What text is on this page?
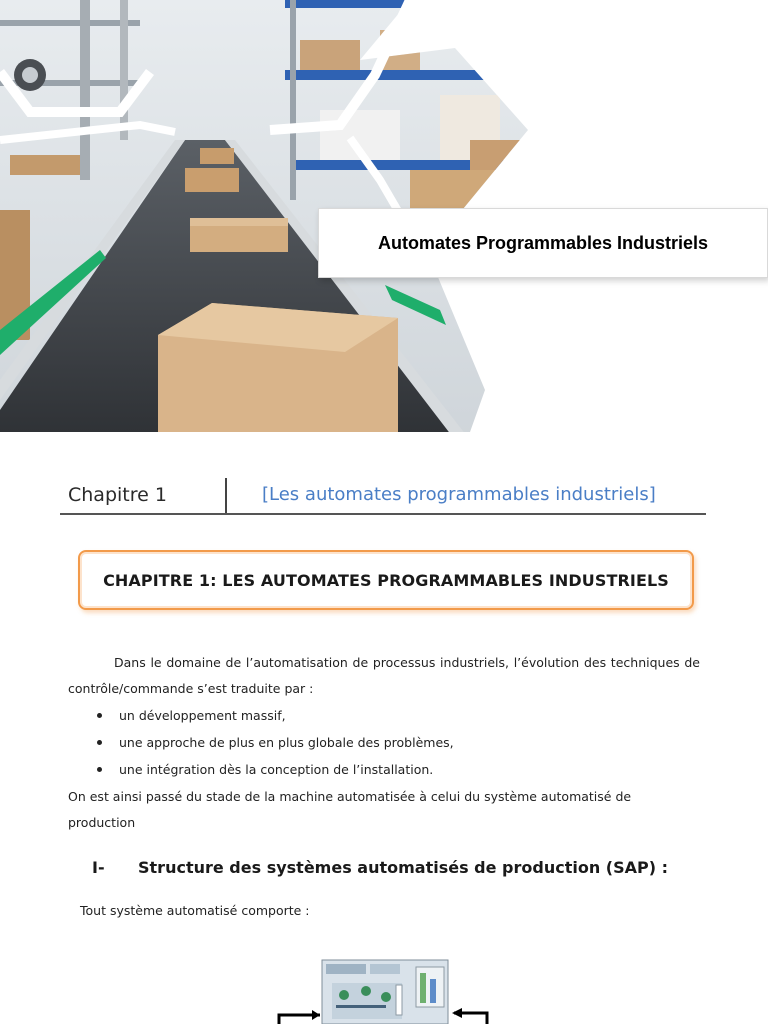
Automates Programmables Industriels
Chapitre 1	[Les automates programmables industriels]
CHAPITRE 1: LES AUTOMATES PROGRAMMABLES INDUSTRIELS
Dans le domaine de l’automatisation de processus industriels, l’évolution des techniques de contrôle/commande s’est traduite par :
un développement massif,
une approche de plus en plus globale des problèmes,
une intégration dès la conception de l’installation.
On est ainsi passé du stade de la machine automatisée à celui du système automatisé de production
I- Structure des systèmes automatisés de production (SAP) :
Tout système automatisé comporte :
